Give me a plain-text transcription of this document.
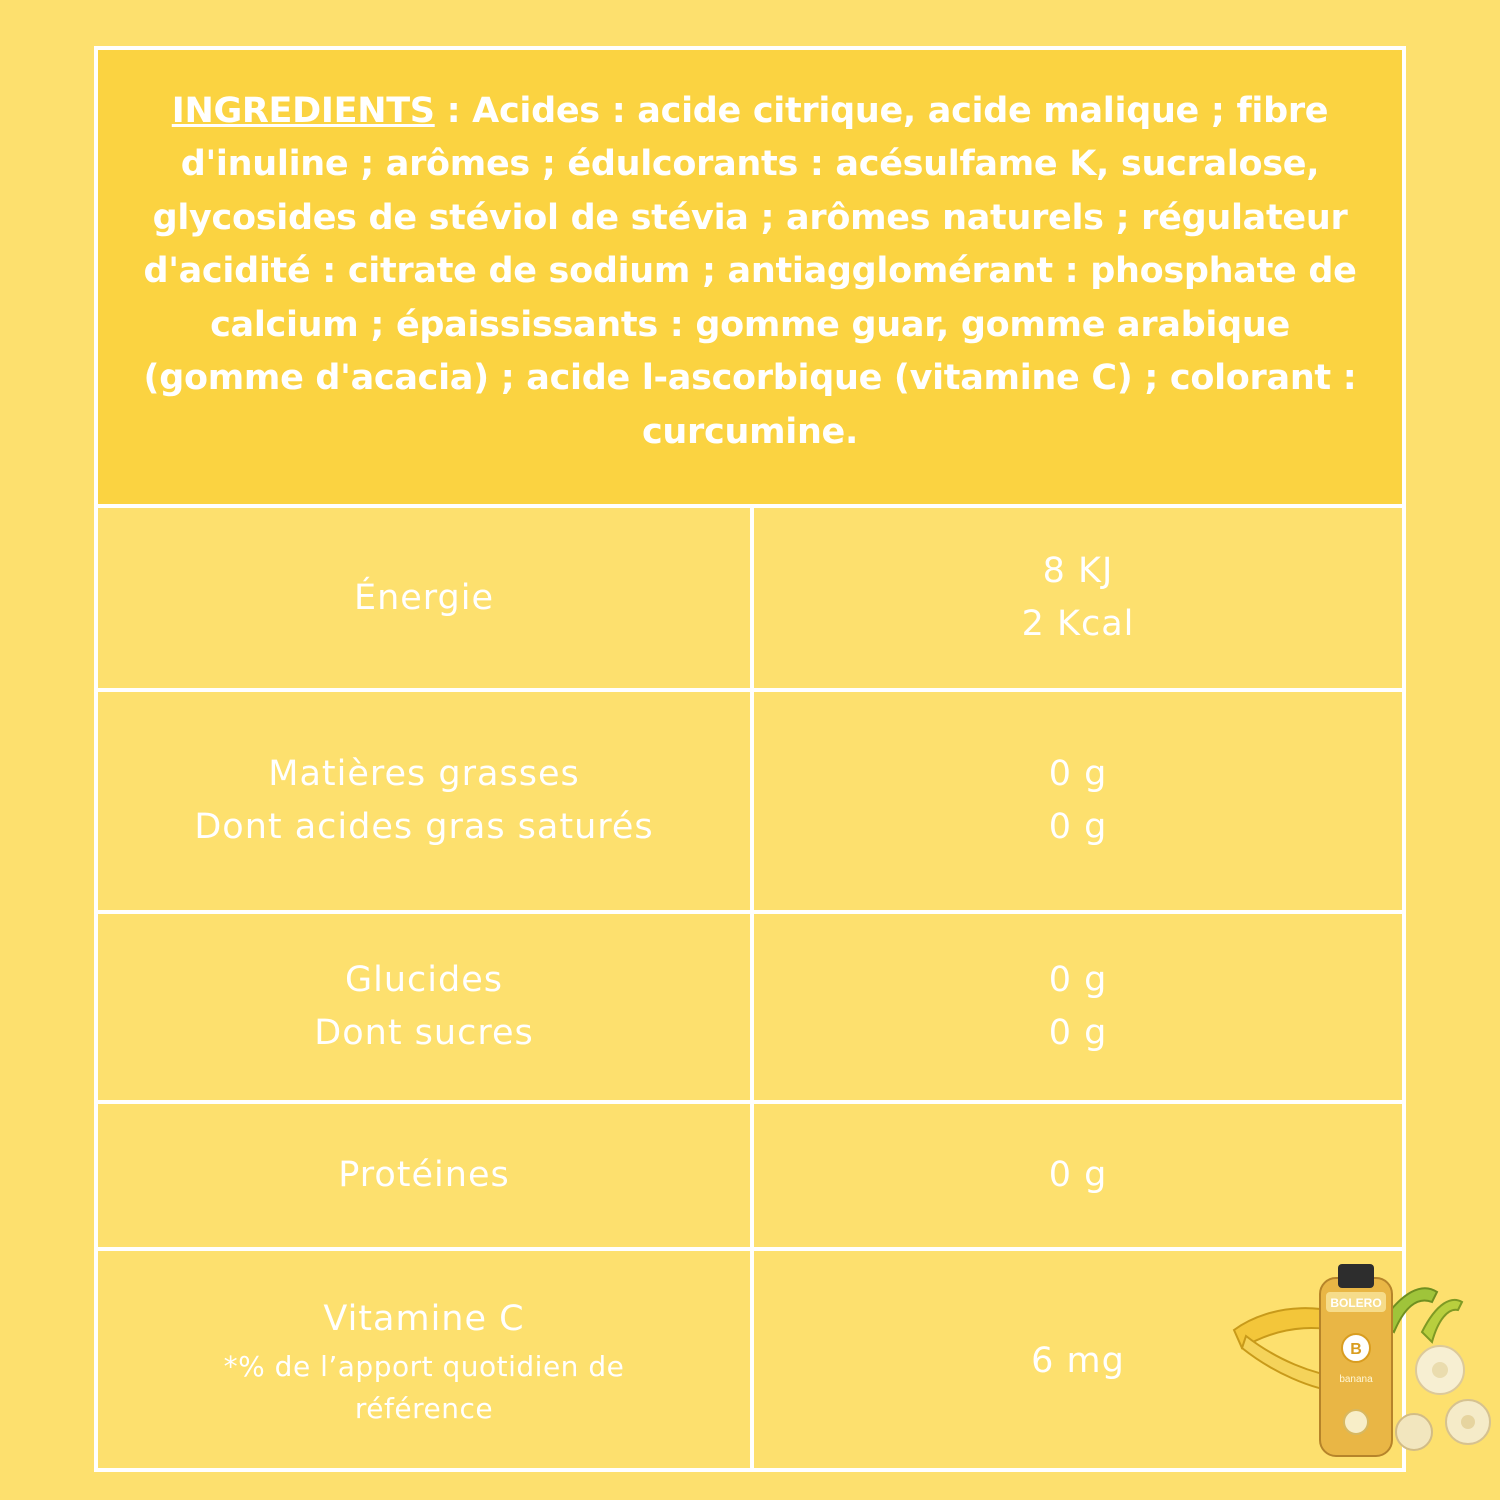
INGREDIENTS : Acides : acide citrique, acide malique ; fibre d'inuline ; arômes ; édulcorants : acésulfame K, sucralose, glycosides de stéviol de stévia ; arômes naturels ; régulateur d'acidité : citrate de sodium ; antiagglomérant : phosphate de calcium ; épaississants : gomme guar, gomme arabique (gomme d'acacia) ; acide l-ascorbique (vitamine C) ; colorant : curcumine.

Énergie
8 KJ
2 Kcal
Matières grasses
Dont acides gras saturés
0 g
0 g
Glucides
Dont sucres
0 g
0 g
Protéines	0 g
Vitamine C
*% de l’apport quotidien de référence
6 mg
BOLERO
B
banana
